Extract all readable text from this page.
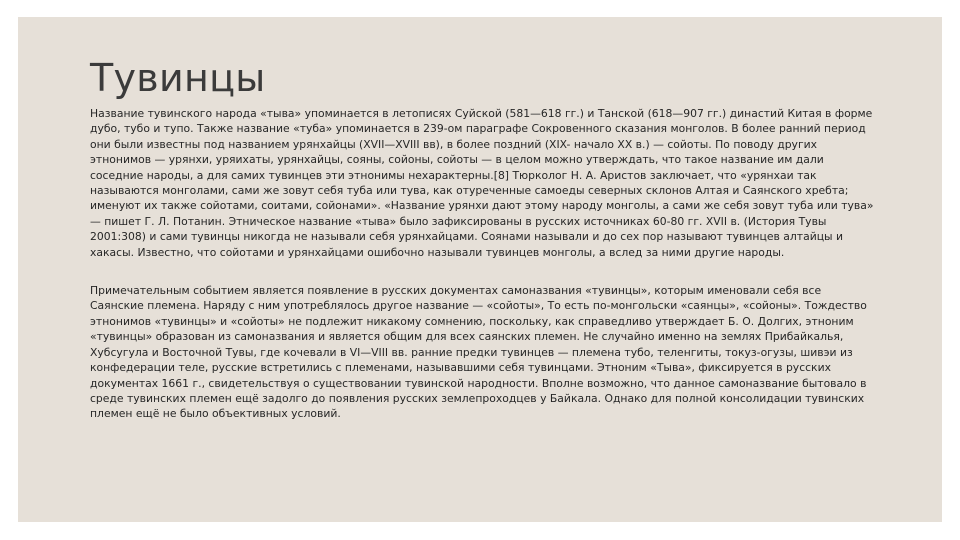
Тувинцы

Название тувинского народа «тыва» упоминается в летописях Суйской (581—618 гг.) и Танской (618—907 гг.) династий Китая в форме дубо, тубо и тупо. Также название «туба» упоминается в 239-ом параграфе Сокровенного сказания монголов. В более ранний период они были известны под названием урянхайцы (XVII—XVIII вв), в более поздний (XIX- начало XX в.) — сойоты. По поводу других этнонимов — урянхи, уряихаты, урянхайцы, сояны, сойоны, сойоты — в целом можно утверждать, что такое название им дали соседние народы, а для самих тувинцев эти этнонимы нехарактерны.[8] Тюрколог Н. А. Аристов заключает, что «урянхаи так называются монголами, сами же зовут себя туба или тува, как отуреченные самоеды северных склонов Алтая и Саянского хребта; именуют их также сойотами, соитами, сойонами». «Название урянхи дают этому народу монголы, а сами же себя зовут туба или тува» — пишет Г. Л. Потанин. Этническое название «тыва» было зафиксированы в русских источниках 60-80 гг. XVII в. (История Тувы 2001:308) и сами тувинцы никогда не называли себя урянхайцами. Соянами называли и до сех пор называют тувинцев алтайцы и хакасы. Известно, что сойотами и урянхайцами ошибочно называли тувинцев монголы, а вслед за ними другие народы.

Примечательным событием является появление в русских документах самоназвания «тувинцы», которым именовали себя все Саянские племена. Наряду с ним употреблялось другое название — «сойоты», То есть по-монгольски «саянцы», «сойоны». Тождество этнонимов «тувинцы» и «сойоты» не подлежит никакому сомнению, поскольку, как справедливо утверждает Б. О. Долгих, этноним «тувинцы» образован из самоназвания и является общим для всех саянских племен. Не случайно именно на землях Прибайкалья, Хубсугула и Восточной Тувы, где кочевали в VI—VIII вв. ранние предки тувинцев — племена тубо, теленгиты, токуз-огузы, шивэи из конфедерации теле, русские встретились с племенами, называвшими себя тувинцами. Этноним «Тыва», фиксируется в русских документах 1661 г., свидетельствуя о существовании тувинской народности. Вполне возможно, что данное самоназвание бытовало в среде тувинских племен ещё задолго до появления русских землепроходцев у Байкала. Однако для полной консолидации тувинских племен ещё не было объективных условий.
